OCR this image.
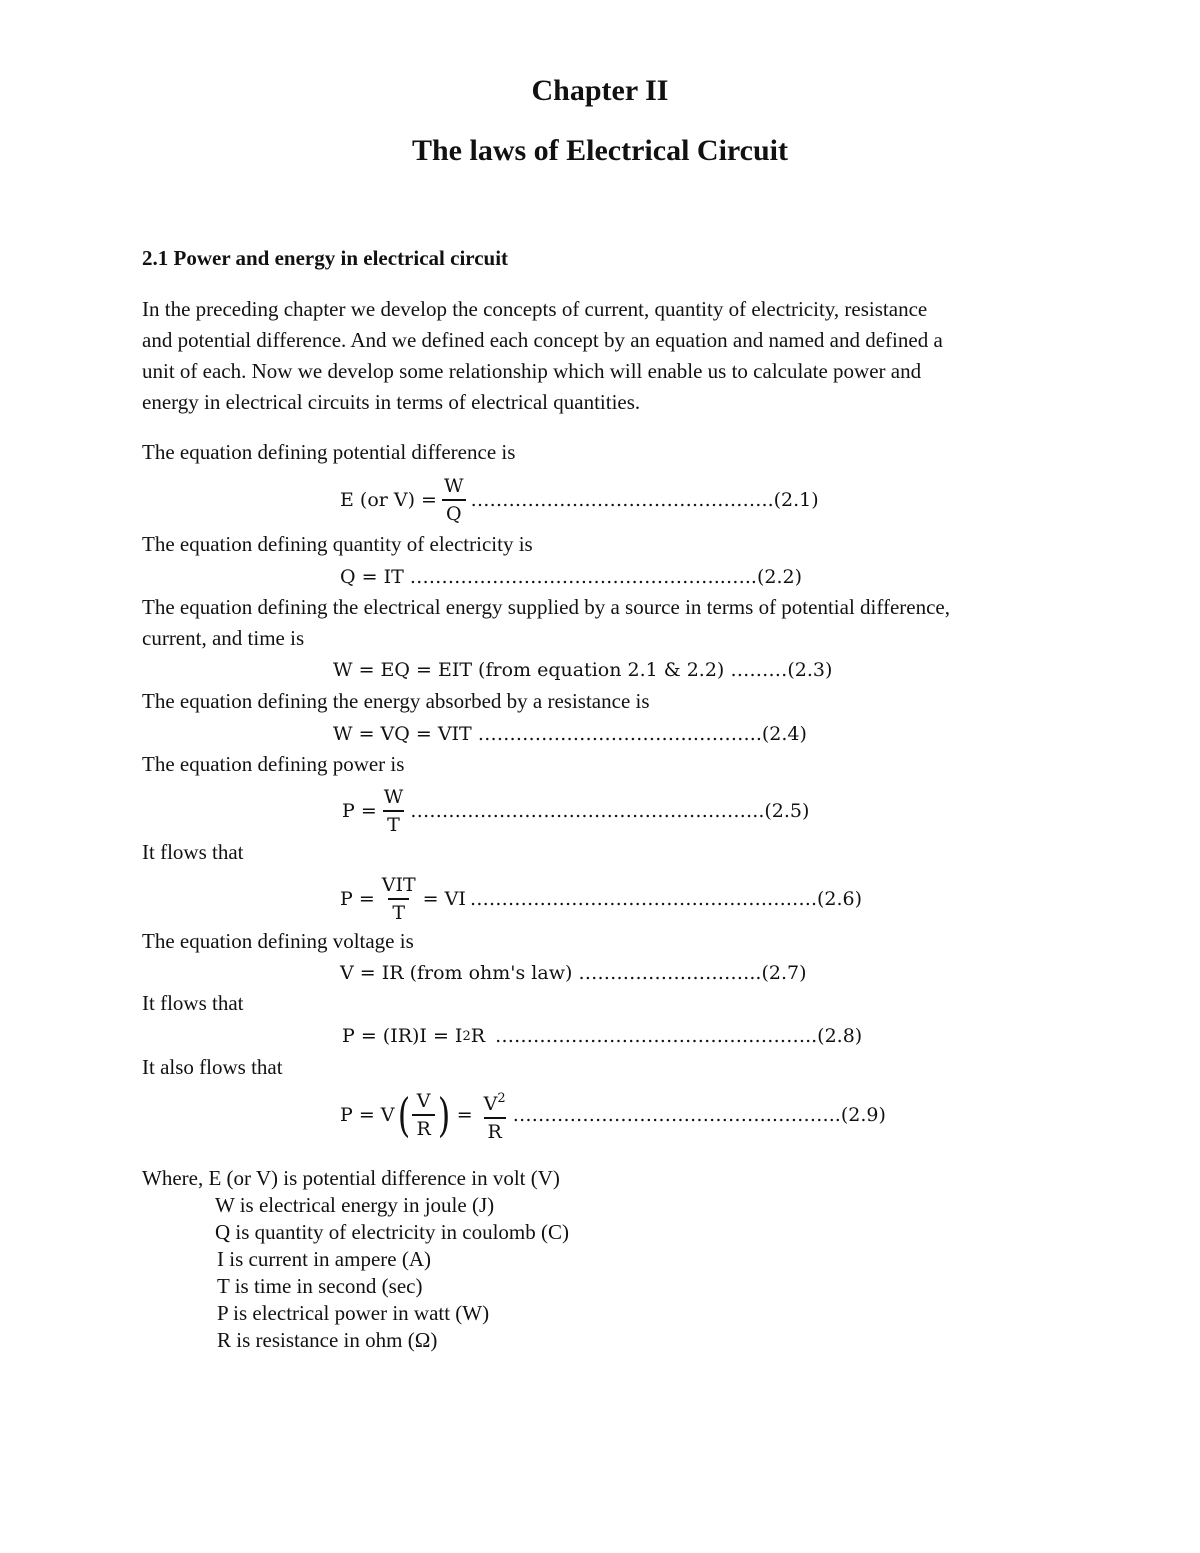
Chapter II
The laws of Electrical Circuit
2.1 Power and energy in electrical circuit

In the preceding chapter we develop the concepts of current, quantity of electricity, resistance

and potential difference. And we defined each concept by an equation and named and defined a

unit of each. Now we develop some relationship which will enable us to calculate power and

energy in electrical circuits in terms of electrical quantities.

The equation defining potential difference is
E (or $V) = \frac{W}{Q}$ ……………….……………………….. (2.1)
The equation defining quantity of electricity is
Q = IT …………………………………………..….. (2.2)
The equation defining the electrical energy supplied by a source in terms of potential difference,
current, and time is
W = EQ = EIT (from equation 2.1 & 2.2) ……… (2.3)
The equation defining the energy absorbed by a resistance is
W = VQ = VIT …………………………….……….. (2.4)
The equation defining power is
$P = \frac{W}{T}$ ……………………………………………….. (2.5)
It flows that
$P = \frac{\text{VIT}}{T}$ = VI ……………………………….……….….…. (2.6)
The equation defining voltage is
V = IR (from ohm's law) ……………………….. (2.7)
It flows that
P = (IR)I = I 2 R ………………………………….……….. (2.8)
It also flows that
P = V ( $\frac{V}{R}$ ) = $\frac{V^2}{R}$ …………………………………..……….. (2.9)
Where, E (or V) is potential difference in volt (V)
W is electrical energy in joule (J)
Q is quantity of electricity in coulomb (C)
I is current in ampere (A)
T is time in second (sec)
P is electrical power in watt (W)
R is resistance in ohm (Ω)
